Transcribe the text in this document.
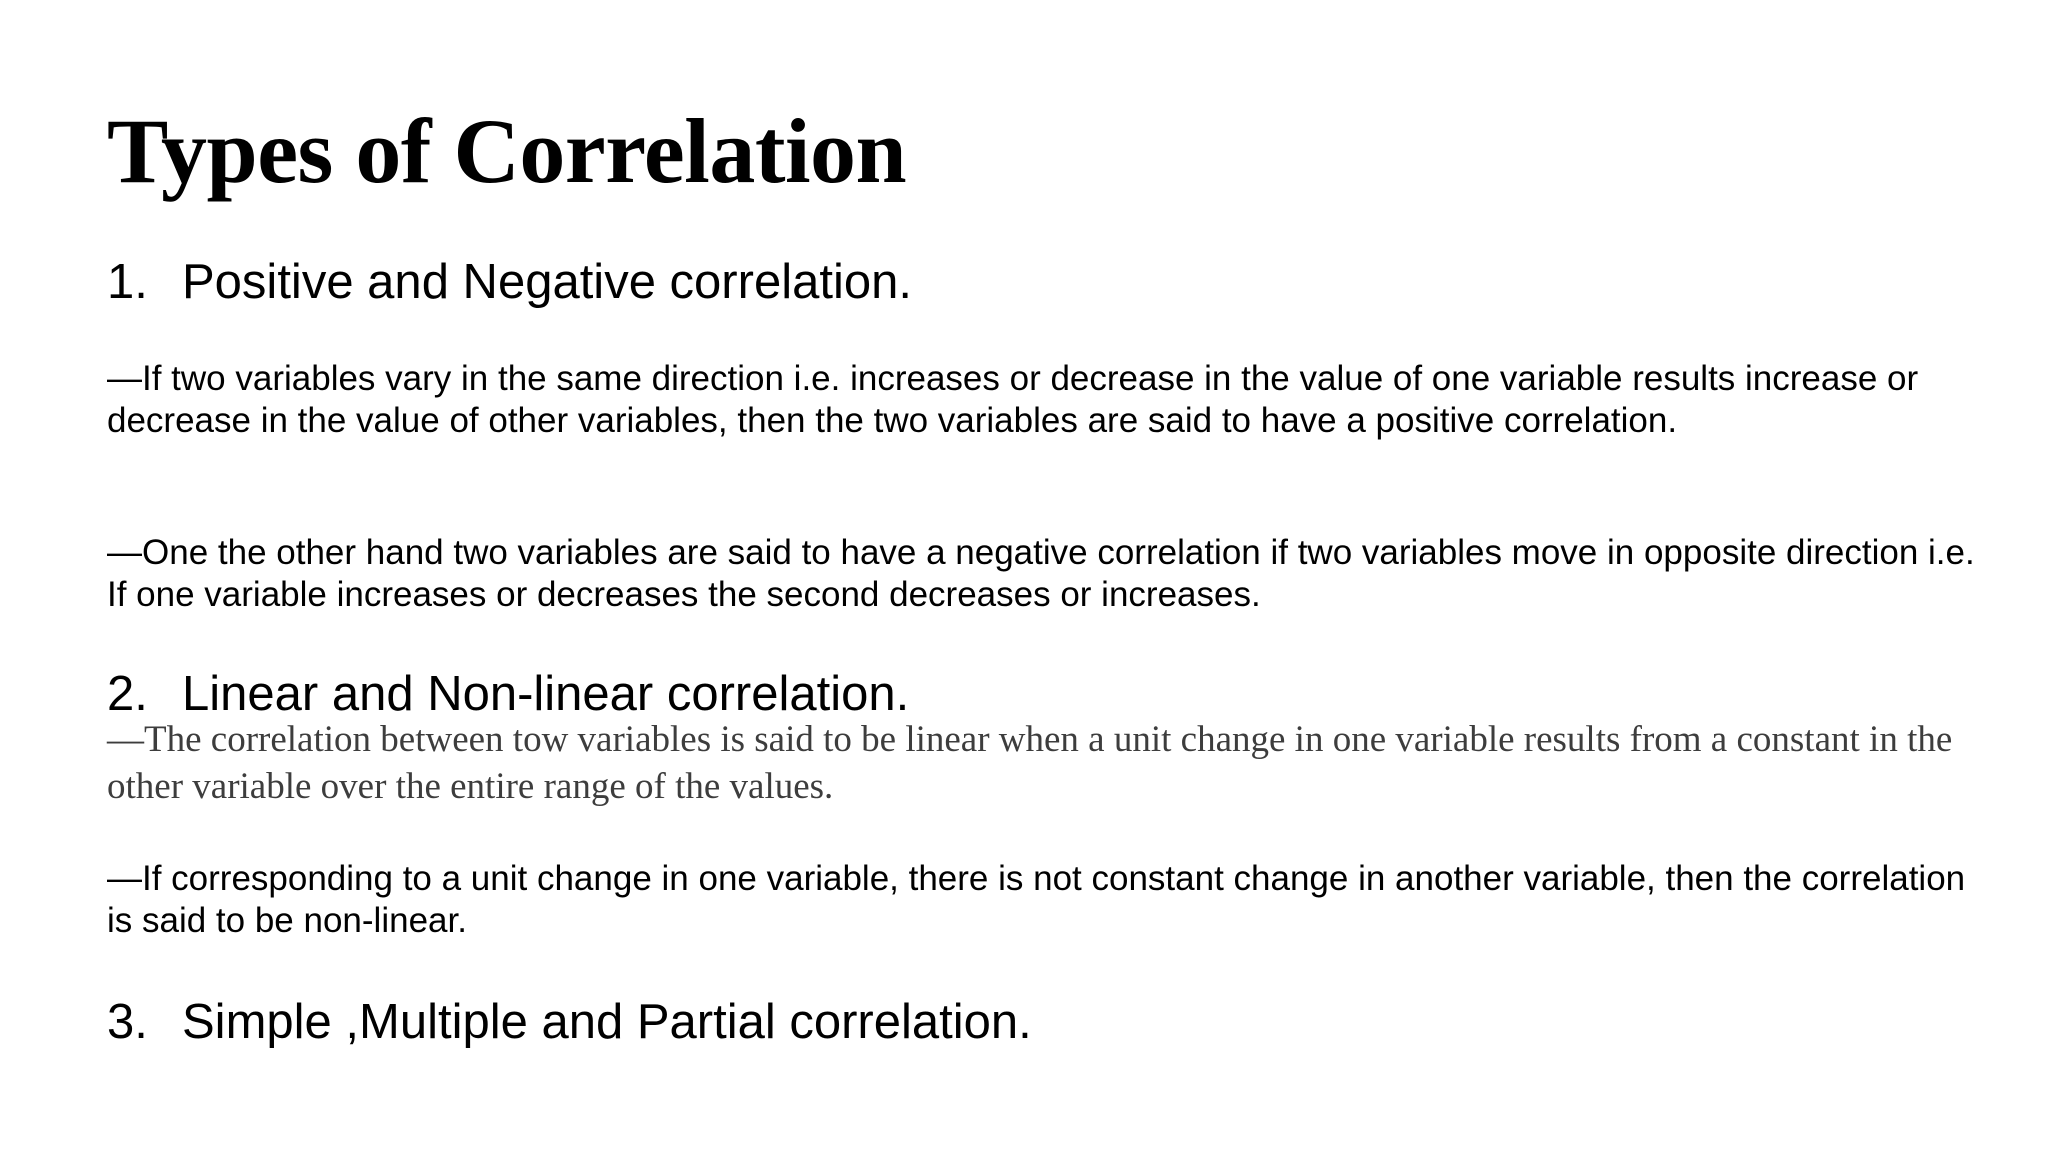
Types of Correlation
1. Positive and Negative correlation.

—If two variables vary in the same direction i.e. increases or decrease in the value of one variable results increase or decrease in the value of other variables, then the two variables are said to have a positive correlation.

—One the other hand two variables are said to have a negative correlation if two variables move in opposite direction i.e. If one variable increases or decreases the second decreases or increases.

2. Linear and Non-linear correlation.

—The correlation between tow variables is said to be linear when a unit change in one variable results from a constant in the other variable over the entire range of the values.

—If corresponding to a unit change in one variable, there is not constant change in another variable, then the correlation is said to be non-linear.

3. Simple ,Multiple and Partial correlation.
